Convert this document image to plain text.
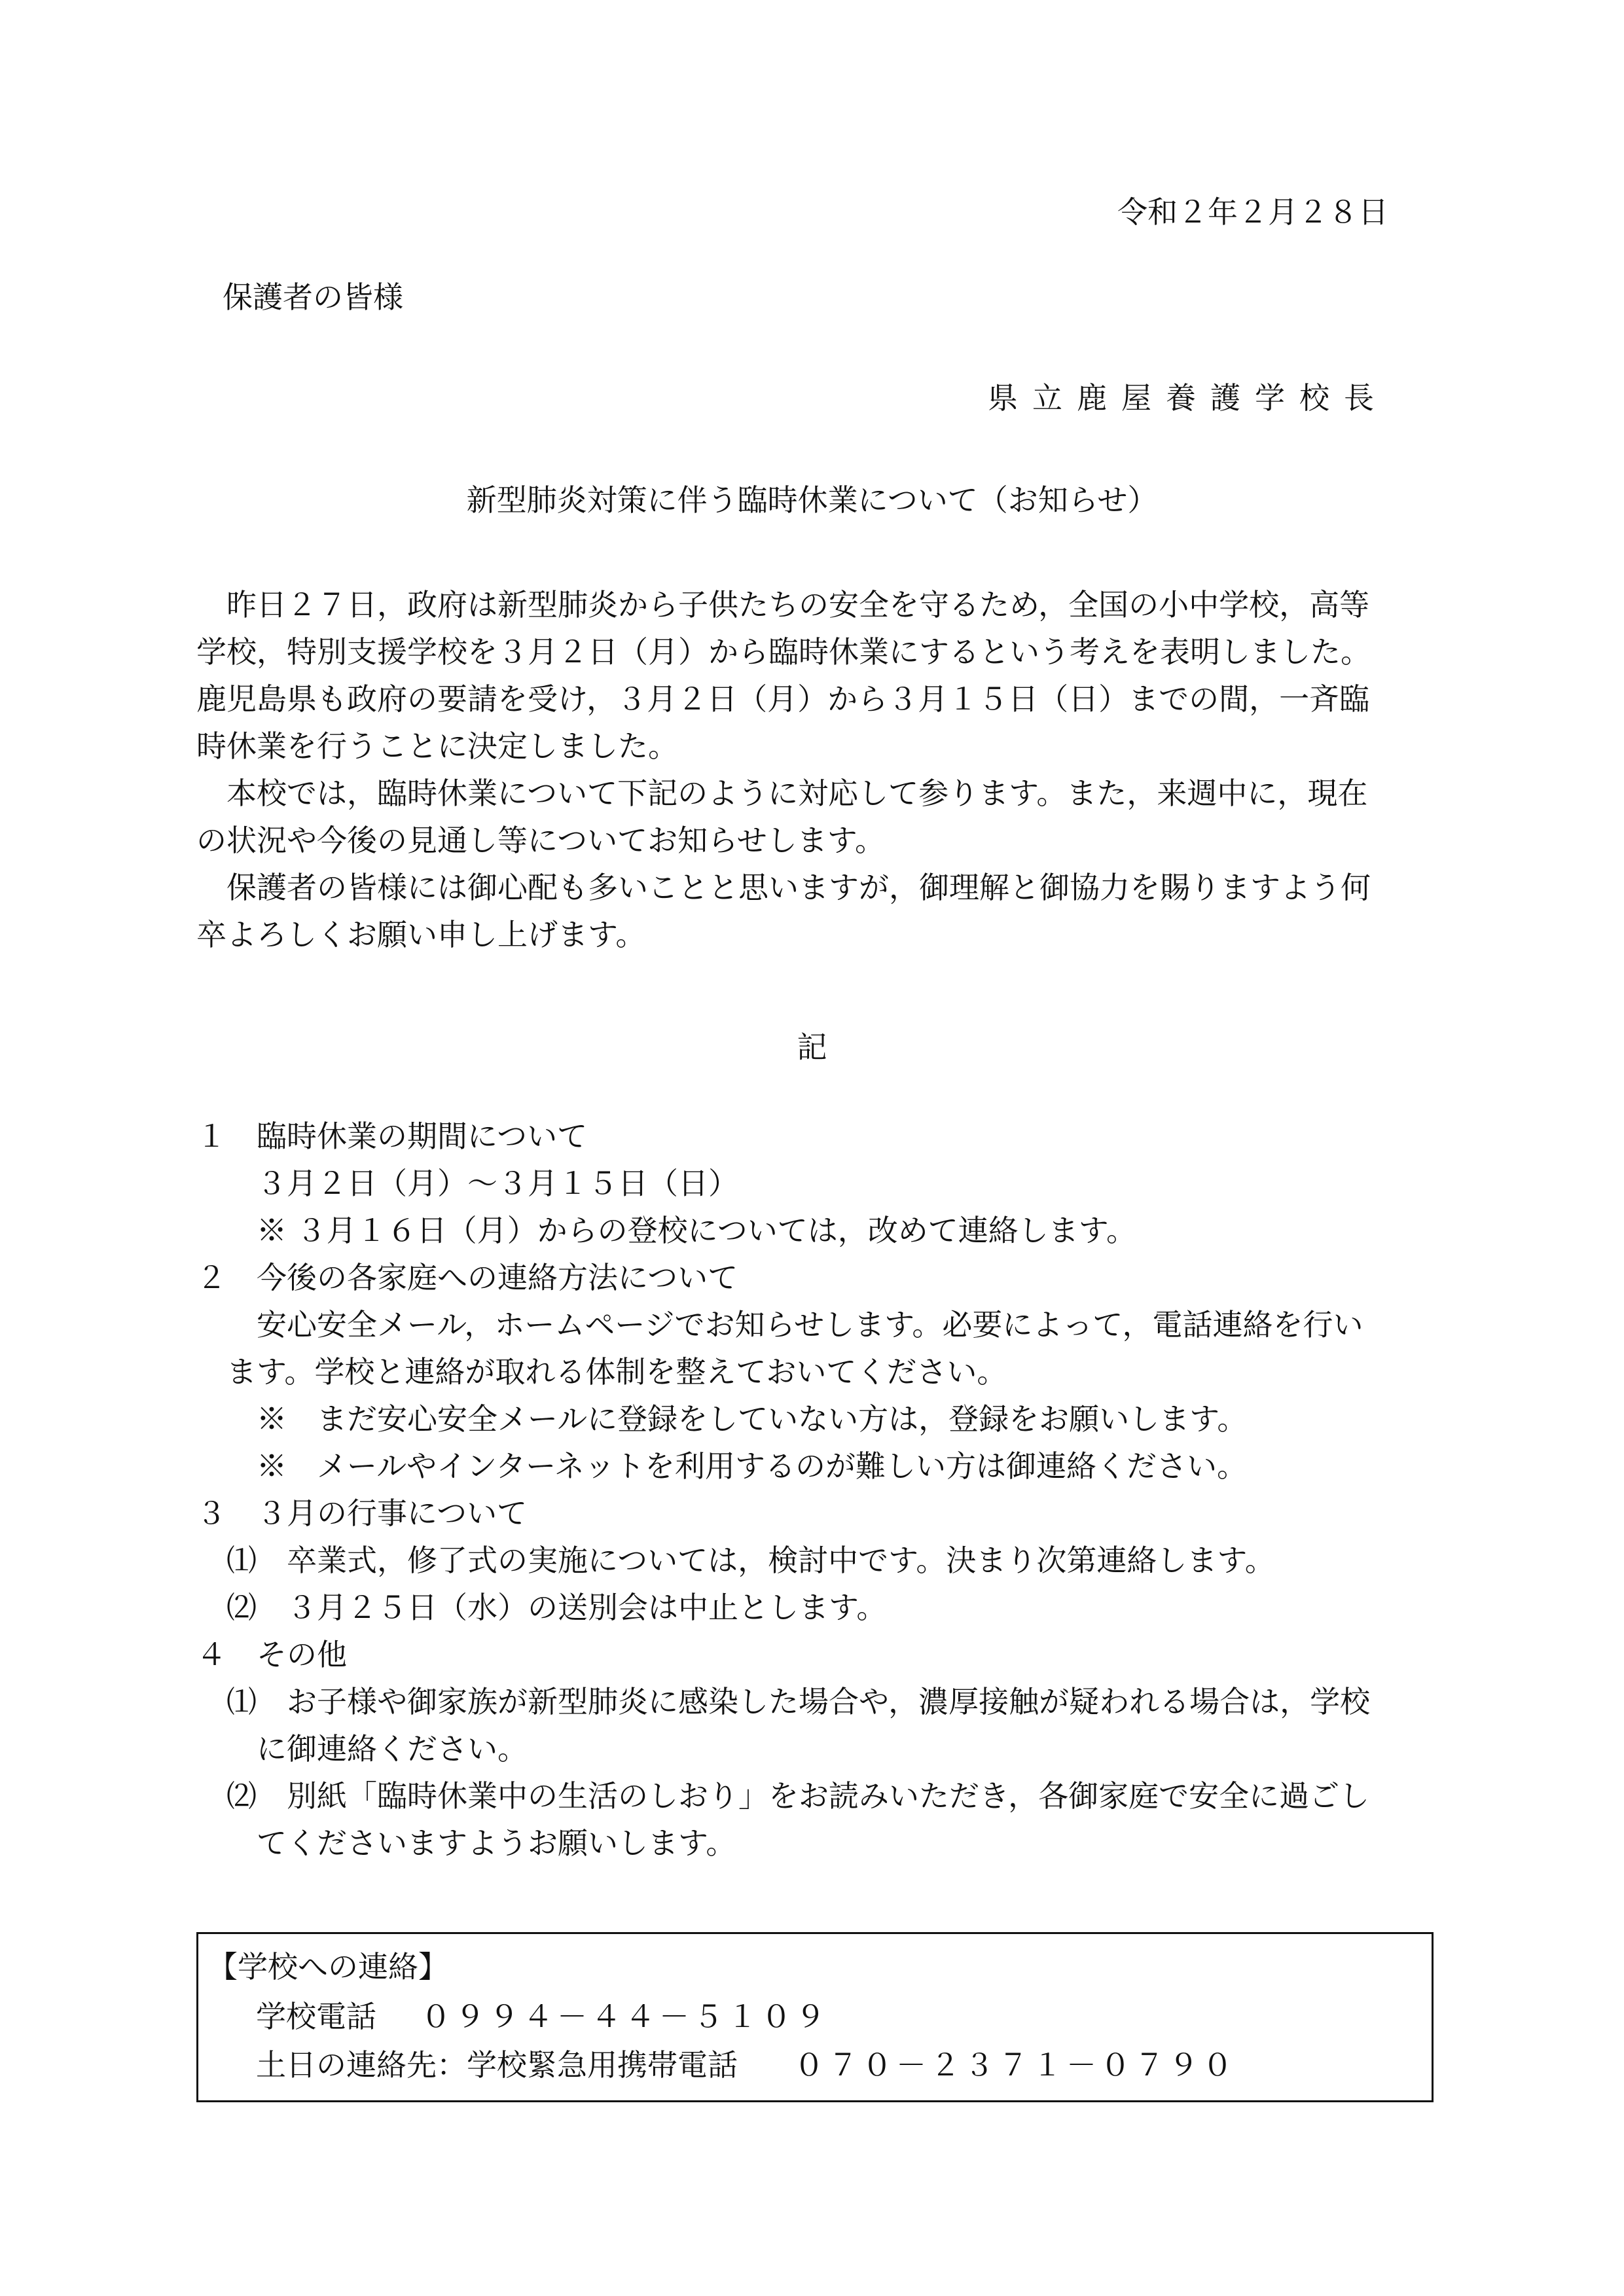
令和２年２月２８日
保護者の皆様
県立鹿屋養護学校長
新型肺炎対策に伴う臨時休業について（お知らせ）
　昨日２７日，政府は新型肺炎から子供たちの安全を守るため，全国の小中学校，高等
学校，特別支援学校を３月２日（月）から臨時休業にするという考えを表明しました。
鹿児島県も政府の要請を受け，３月２日（月）から３月１５日（日）までの間，一斉臨
時休業を行うことに決定しました。
　本校では，臨時休業について下記のように対応して参ります。また，来週中に，現在
の状況や今後の見通し等についてお知らせします。
　保護者の皆様には御心配も多いことと思いますが，御理解と御協力を賜りますよう何
卒よろしくお願い申し上げます。
記
１　臨時休業の期間について
　　３月２日（月）～３月１５日（日）
　　※ ３月１６日（月）からの登校については，改めて連絡します。
２　今後の各家庭への連絡方法について
　　安心安全メール，ホームページでお知らせします。必要によって，電話連絡を行い
　ます。学校と連絡が取れる体制を整えておいてください。
　　※　まだ安心安全メールに登録をしていない方は，登録をお願いします。
　　※　メールやインターネットを利用するのが難しい方は御連絡ください。
３　３月の行事について
　⑴　卒業式，修了式の実施については，検討中です。決まり次第連絡します。
　⑵　３月２５日（水）の送別会は中止とします。
４　その他
　⑴　お子様や御家族が新型肺炎に感染した場合や，濃厚接触が疑われる場合は，学校
　　に御連絡ください。
　⑵　別紙「臨時休業中の生活のしおり」をお読みいただき，各御家庭で安全に過ごし
　　てくださいますようお願いします。
【学校への連絡】
学校電話 ０９９４－４４－５１０９
土日の連絡先：学校緊急用携帯電話 ０７０－２３７１－０７９０
